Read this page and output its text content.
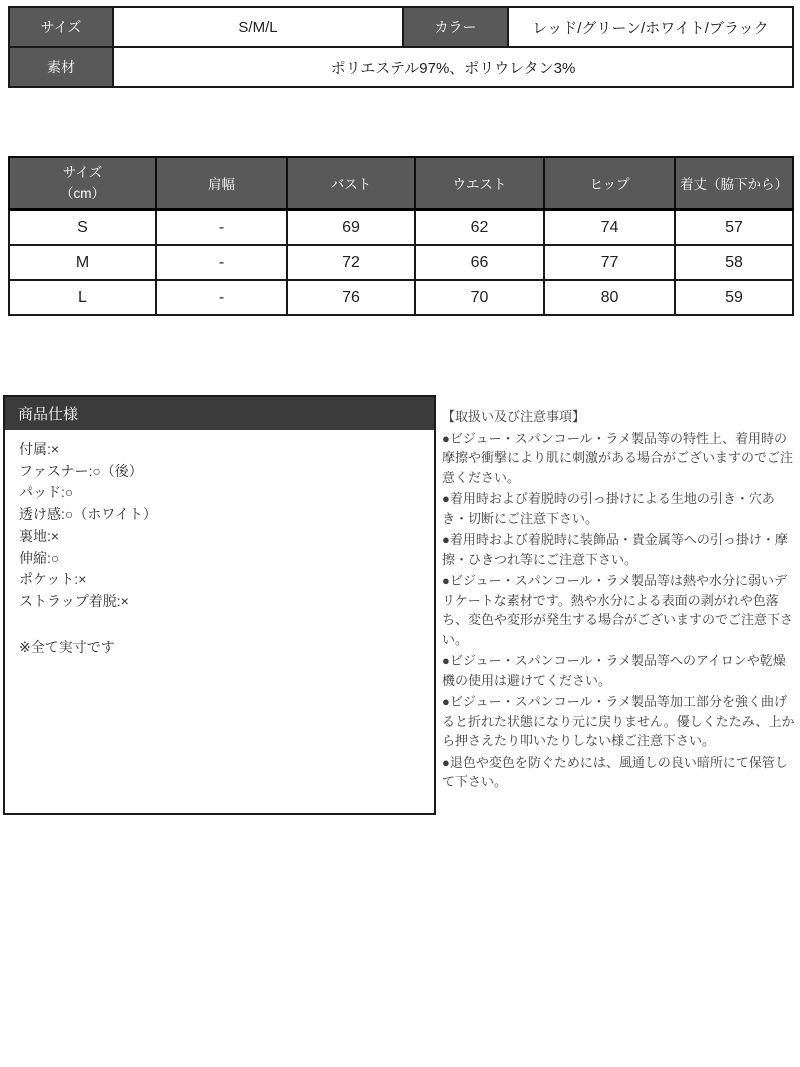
サイズ	S/M/L	カラー	レッド/グリーン/ホワイト/ブラック
素材	ポリエステル97%、ポリウレタン3%		
サイズ
（cm）	肩幅	バスト	ウエスト	ヒップ	着丈（脇下から）
S	-	69	62	74	57
M	-	72	66	77	58
L	-	76	70	80	59
商品仕様
付属:×
ファスナー:○（後）
パッド:○
透け感:○（ホワイト）
裏地:×
伸縮:○
ポケット:×
ストラップ着脱:×
※全て実寸です

【取扱い及び注意事項】

●ビジュー・スパンコール・ラメ製品等の特性上、着用時の摩擦や衝撃により肌に刺激がある場合がございますのでご注意ください。

●着用時および着脱時の引っ掛けによる生地の引き・穴あき・切断にご注意下さい。

●着用時および着脱時に装飾品・貴金属等への引っ掛け・摩擦・ひきつれ等にご注意下さい。

●ビジュー・スパンコール・ラメ製品等は熱や水分に弱いデリケートな素材です。熱や水分による表面の剥がれや色落ち、変色や変形が発生する場合がございますのでご注意下さい。

●ビジュー・スパンコール・ラメ製品等へのアイロンや乾燥機の使用は避けてください。

●ビジュー・スパンコール・ラメ製品等加工部分を強く曲げると折れた状態になり元に戻りません。優しくたたみ、上から押さえたり叩いたりしない様ご注意下さい。

●退色や変色を防ぐためには、風通しの良い暗所にて保管して下さい。
